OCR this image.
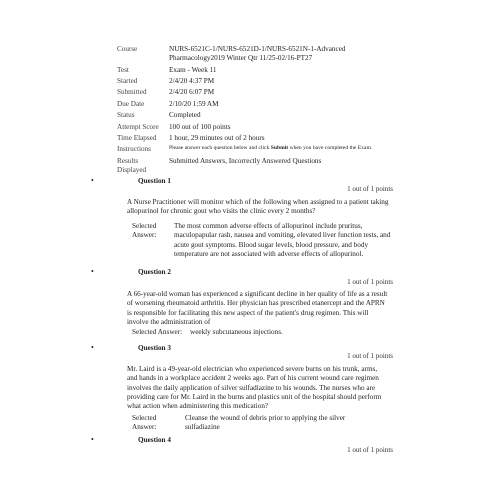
Course	NURS-6521C-1/NURS-6521D-1/NURS-6521N-1-Advanced Pharmacology2019 Winter Qtr 11/25-02/16-PT27
Test	Exam - Week 11
Started	2/4/20 4:37 PM
Submitted	2/4/20 6:07 PM
Due Date	2/10/20 1:59 AM
Status	Completed
Attempt Score	100 out of 100 points
Time Elapsed	1 hour, 29 minutes out of 2 hours
Instructions	Please answer each question below and click Submit when you have completed the Exam.
Results Displayed	Submitted Answers, Incorrectly Answered Questions
•	Question 1
1 out of 1 points
A Nurse Practitioner will monitor which of the following when assigned to a patient taking allopurinol for chronic gout who visits the clinic every 2 months?
Selected Answer:
The most common adverse effects of allopurinol include pruritus, maculopapular rash, nausea and vomiting, elevated liver function tests, and acute gout symptoms. Blood sugar levels, blood pressure, and body temperature are not associated with adverse effects of allopurinol.
•	Question 2
1 out of 1 points
A 66-year-old woman has experienced a significant decline in her quality of life as a result of worsening rheumatoid arthritis. Her physician has prescribed etanercept and the APRN is responsible for facilitating this new aspect of the patient's drug regimen. This will involve the administration of
Selected Answer:	weekly subcutaneous injections.
•	Question 3
1 out of 1 points
Mr. Laird is a 49-year-old electrician who experienced severe burns on his trunk, arms, and hands in a workplace accident 2 weeks ago. Part of his current wound care regimen involves the daily application of silver sulfadiazine to his wounds. The nurses who are providing care for Mr. Laird in the burns and plastics unit of the hospital should perform what action when administering this medication?
Selected Answer:
Cleanse the wound of debris prior to applying the silver sulfadiazine
•	Question 4
1 out of 1 points
